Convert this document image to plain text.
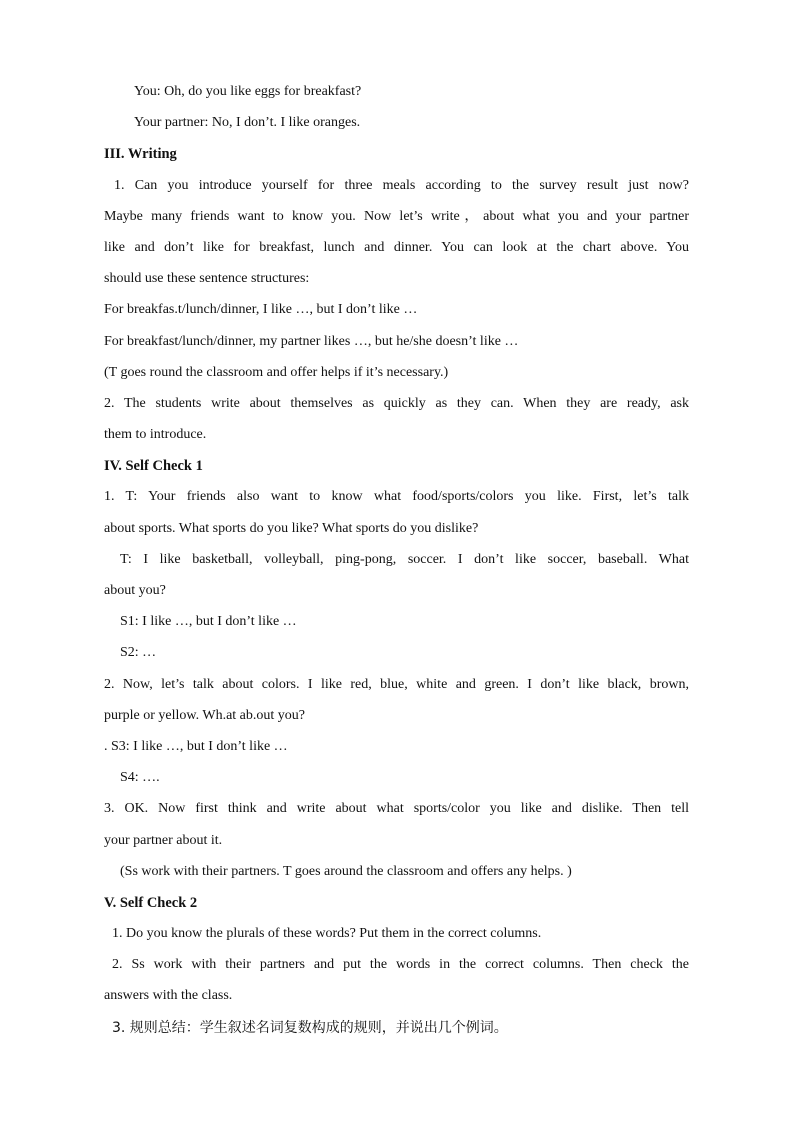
You: Oh, do you like eggs for breakfast?
Your partner: No, I don’t. I like oranges.
III. Writing
1. Can you introduce yourself for three meals according to the survey result just now?
Maybe many friends want to know you. Now let’s write，about what you and your partner
like and don’t like for breakfast, lunch and dinner. You can look at the chart above. You
should use these sentence structures:
For breakfas.t/lunch/dinner, I like …, but I don’t like …
For breakfast/lunch/dinner, my partner likes …, but he/she doesn’t like …
(T goes round the classroom and offer helps if it’s necessary.)
2. The students write about themselves as quickly as they can. When they are ready, ask
them to introduce.
IV. Self Check 1
1. T: Your friends also want to know what food/sports/colors you like. First, let’s talk
about sports. What sports do you like? What sports do you dislike?
T: I like basketball, volleyball, ping-pong, soccer. I don’t like soccer, baseball. What
about you?
S1: I like …, but I don’t like …
S2: …
2. Now, let’s talk about colors. I like red, blue, white and green. I don’t like black, brown,
purple or yellow. Wh.at ab.out you?
. S3: I like …, but I don’t like …
S4: ….
3. OK. Now first think and write about what sports/color you like and dislike. Then tell
your partner about it.
(Ss work with their partners. T goes around the classroom and offers any helps. )
V. Self Check 2
1. Do you know the plurals of these words? Put them in the correct columns.
2. Ss work with their partners and put the words in the correct columns. Then check the
answers with the class.
3. 规则总结：学生叙述名词复数构成的规则，并说出几个例词。
